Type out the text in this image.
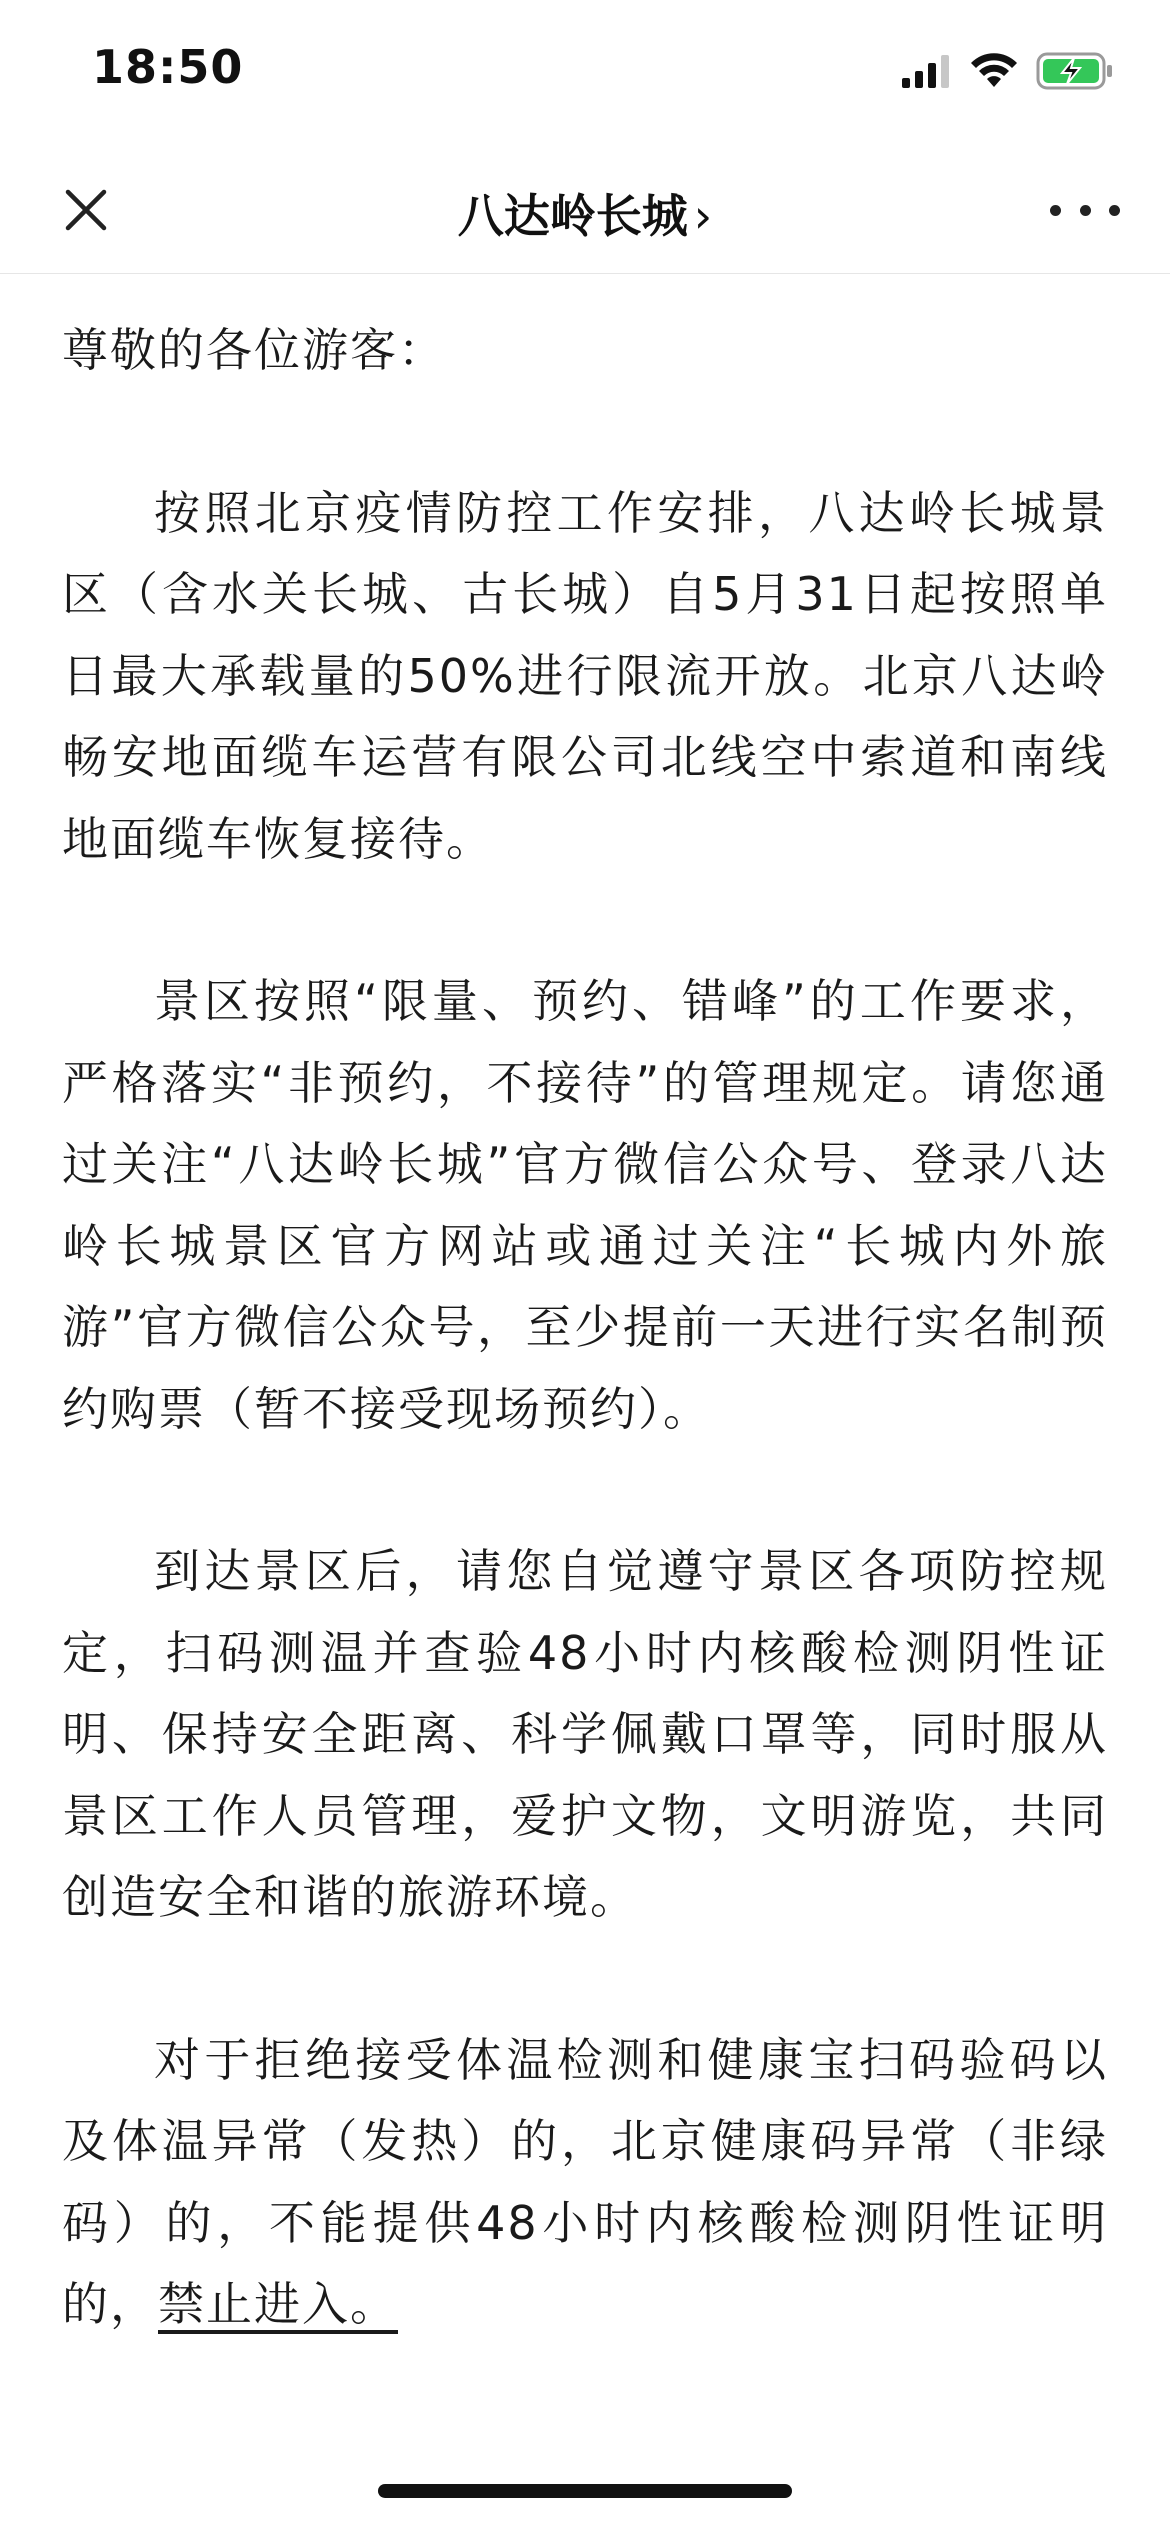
18:50
八达岭长城 ›

尊敬的各位游客：

按照北京疫情防控工作安排，八达岭长城景区（含水关长城、古长城）自5月31日起按照单日最大承载量的50%进行限流开放。北京八达岭畅安地面缆车运营有限公司北线空中索道和南线地面缆车恢复接待。

景区按照“限量、预约、错峰”的工作要求，严格落实“非预约，不接待”的管理规定。请您通过关注“八达岭长城”官方微信公众号、登录八达岭长城景区官方网站或通过关注“长城内外旅游”官方微信公众号，至少提前一天进行实名制预约购票（暂不接受现场预约）。

到达景区后，请您自觉遵守景区各项防控规定，扫码测温并查验48小时内核酸检测阴性证明、保持安全距离、科学佩戴口罩等，同时服从景区工作人员管理，爱护文物，文明游览，共同创造安全和谐的旅游环境。

对于拒绝接受体温检测和健康宝扫码验码以及体温异常（发热）的，北京健康码异常（非绿码）的，不能提供48小时内核酸检测阴性证明的，禁止进入。
